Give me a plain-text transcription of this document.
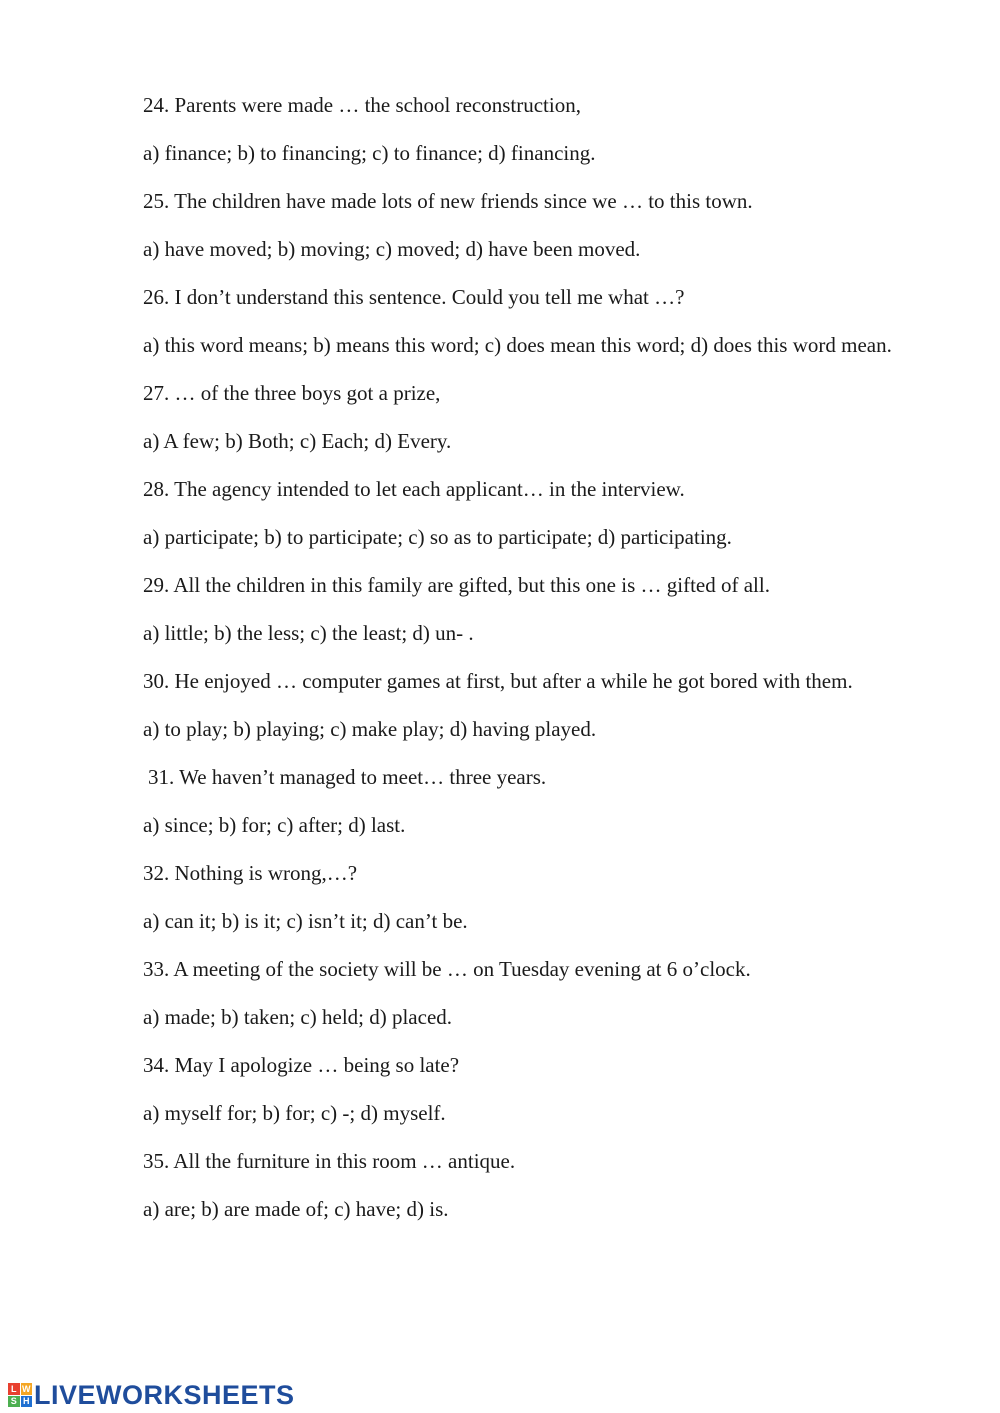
24. Parents were made … the school reconstruction,

a) finance; b) to financing; c) to finance; d) financing.

25. The children have made lots of new friends since we … to this town.

a) have moved; b) moving; c) moved; d) have been moved.

26. I don’t understand this sentence. Could you tell me what …?

a) this word means; b) means this word; c) does mean this word; d) does this word mean.

27. … of the three boys got a prize,

a) A few; b) Both; c) Each; d) Every.

28. The agency intended to let each applicant… in the interview.

a) participate; b) to participate; c) so as to participate; d) participating.

29. All the children in this family are gifted, but this one is … gifted of all.

a) little; b) the less; c) the least; d) un- .

30. He enjoyed … computer games at first, but after a while he got bored with them.

a) to play; b) playing; c) make play; d) having played.

31. We haven’t managed to meet… three years.

a) since; b) for; c) after; d) last.

32. Nothing is wrong,…?

a) can it; b) is it; c) isn’t it; d) can’t be.

33. A meeting of the society will be … on Tuesday evening at 6 o’clock.

a) made; b) taken; c) held; d) placed.

34. May I apologize … being so late?

a) myself for; b) for; c) -; d) myself.

35. All the furniture in this room … antique.

a) are; b) are made of; c) have; d) is.

L W
S H LIVEWORKSHEETS
